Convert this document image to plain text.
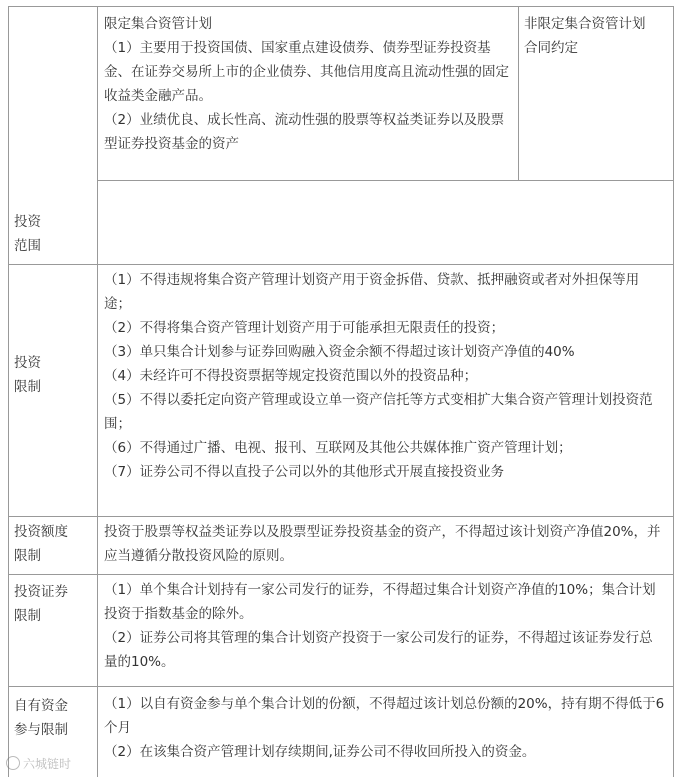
投资
范围

限定集合资管计划

（1）主要用于投资国债、国家重点建设债券、债券型证券投资基金、在证券交易所上市的企业债券、其他信用度高且流动性强的固定收益类金融产品。

（2）业绩优良、成长性高、流动性强的股票等权益类证券以及股票型证券投资基金的资产

非限定集合资管计划

合同约定

投资
限制

（1）不得违规将集合资产管理计划资产用于资金拆借、贷款、抵押融资或者对外担保等用途；

（2）不得将集合资产管理计划资产用于可能承担无限责任的投资；

（3）单只集合计划参与证券回购融入资金余额不得超过该计划资产净值的40%

（4）未经许可不得投资票据等规定投资范围以外的投资品种；

（5）不得以委托定向资产管理或设立单一资产信托等方式变相扩大集合资产管理计划投资范围；

（6）不得通过广播、电视、报刊、互联网及其他公共媒体推广资产管理计划；

（7）证券公司不得以直投子公司以外的其他形式开展直接投资业务

投资额度
限制

投资于股票等权益类证券以及股票型证券投资基金的资产，不得超过该计划资产净值20%，并应当遵循分散投资风险的原则。

投资证券
限制

（1）单个集合计划持有一家公司发行的证券，不得超过集合计划资产净值的10%；集合计划投资于指数基金的除外。

（2）证券公司将其管理的集合计划资产投资于一家公司发行的证券，不得超过该证券发行总量的10%。

自有资金
参与限制

（1）以自有资金参与单个集合计划的份额，不得超过该计划总份额的20%，持有期不得低于6个月

（2）在该集合资产管理计划存续期间,证券公司不得收回所投入的资金。

六城链时
